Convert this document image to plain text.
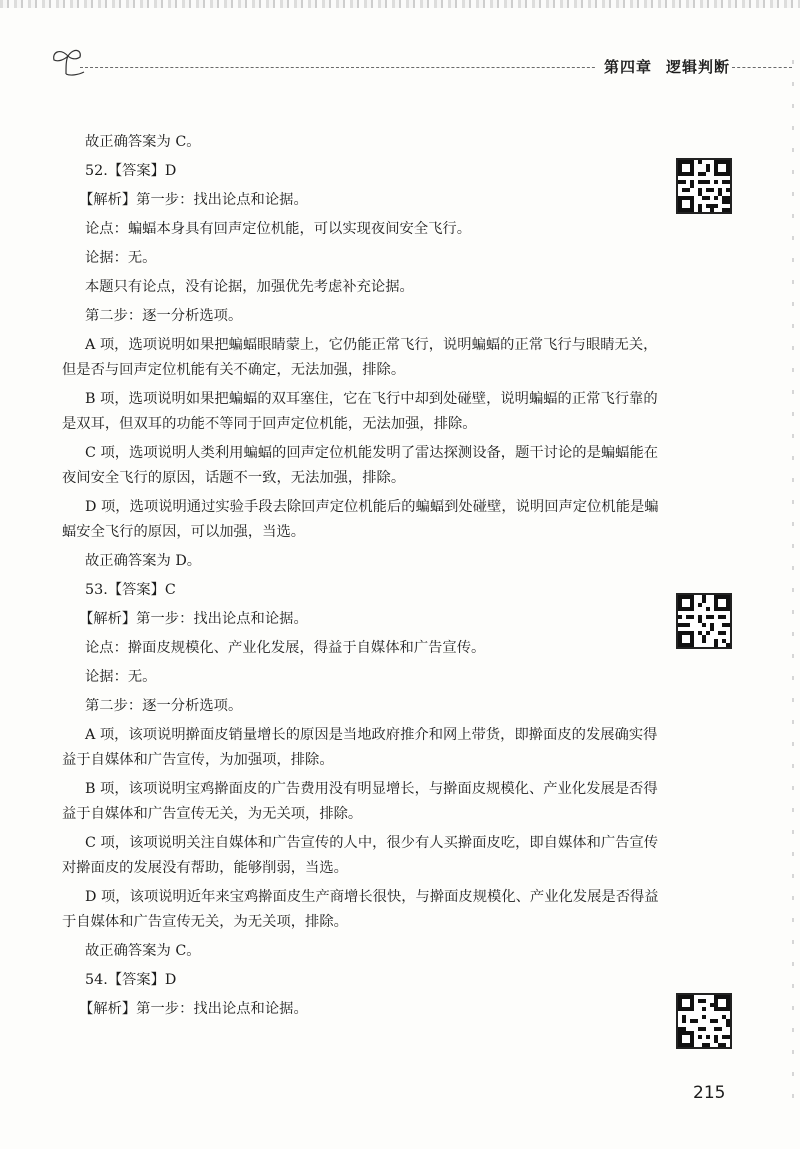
第四章 逻辑判断

故正确答案为 C。

52.【答案】D

【解析】第一步：找出论点和论据。

论点：蝙蝠本身具有回声定位机能，可以实现夜间安全飞行。

论据：无。

本题只有论点，没有论据，加强优先考虑补充论据。

第二步：逐一分析选项。

A 项，选项说明如果把蝙蝠眼睛蒙上，它仍能正常飞行，说明蝙蝠的正常飞行与眼睛无关，但是否与回声定位机能有关不确定，无法加强，排除。

B 项，选项说明如果把蝙蝠的双耳塞住，它在飞行中却到处碰壁，说明蝙蝠的正常飞行靠的是双耳，但双耳的功能不等同于回声定位机能，无法加强，排除。

C 项，选项说明人类利用蝙蝠的回声定位机能发明了雷达探测设备，题干讨论的是蝙蝠能在夜间安全飞行的原因，话题不一致，无法加强，排除。

D 项，选项说明通过实验手段去除回声定位机能后的蝙蝠到处碰壁，说明回声定位机能是蝙蝠安全飞行的原因，可以加强，当选。

故正确答案为 D。

53.【答案】C

【解析】第一步：找出论点和论据。

论点：擀面皮规模化、产业化发展，得益于自媒体和广告宣传。

论据：无。

第二步：逐一分析选项。

A 项，该项说明擀面皮销量增长的原因是当地政府推介和网上带货，即擀面皮的发展确实得益于自媒体和广告宣传，为加强项，排除。

B 项，该项说明宝鸡擀面皮的广告费用没有明显增长，与擀面皮规模化、产业化发展是否得益于自媒体和广告宣传无关，为无关项，排除。

C 项，该项说明关注自媒体和广告宣传的人中，很少有人买擀面皮吃，即自媒体和广告宣传对擀面皮的发展没有帮助，能够削弱，当选。

D 项，该项说明近年来宝鸡擀面皮生产商增长很快，与擀面皮规模化、产业化发展是否得益于自媒体和广告宣传无关，为无关项，排除。

故正确答案为 C。

54.【答案】D

【解析】第一步：找出论点和论据。

215
